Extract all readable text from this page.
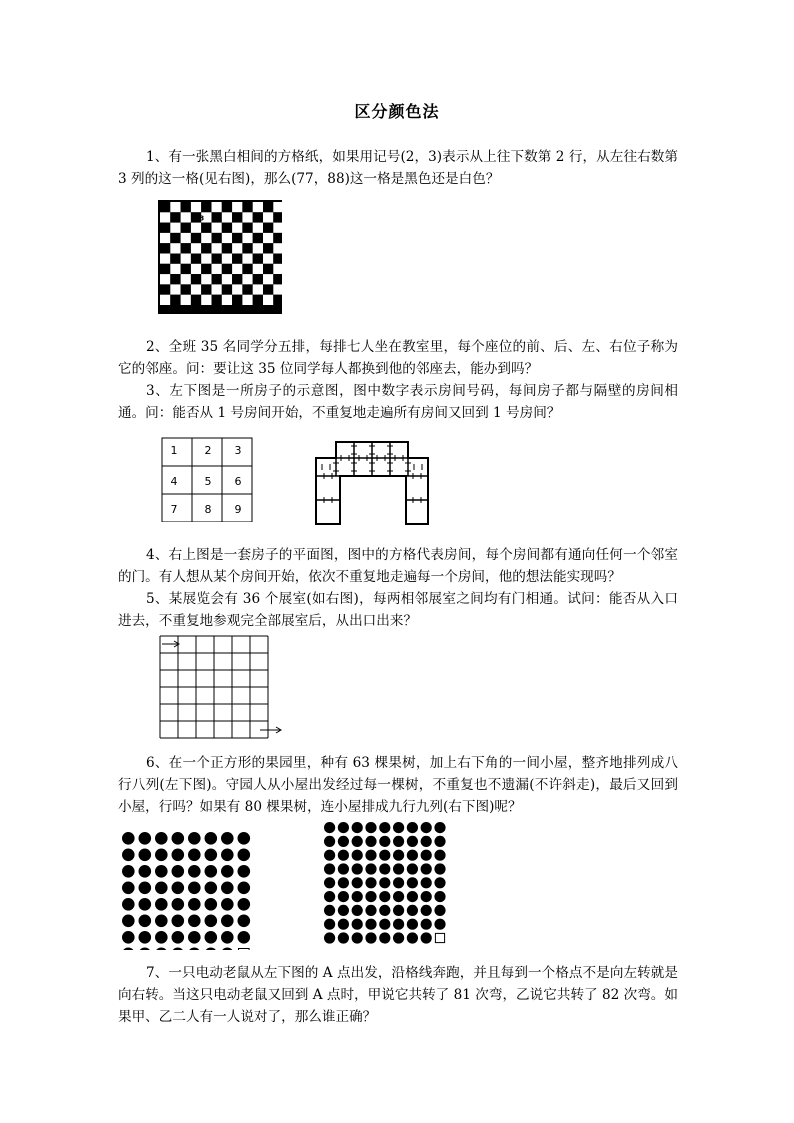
区分颜色法

1、有一张黑白相间的方格纸，如果用记号(2，3)表示从上往下数第 2 行，从左往右数第 3 列的这一格(见右图)，那么(77，88)这一格是黑色还是白色？

2,3

2、全班 35 名同学分五排，每排七人坐在教室里，每个座位的前、后、左、右位子称为它的邻座。问：要让这 35 位同学每人都换到他的邻座去，能办到吗？

3、左下图是一所房子的示意图，图中数字表示房间号码，每间房子都与隔壁的房间相通。问：能否从 1 号房间开始，不重复地走遍所有房间又回到 1 号房间？

1 2 3
4 5 6
7 8 9

4、右上图是一套房子的平面图，图中的方格代表房间，每个房间都有通向任何一个邻室的门。有人想从某个房间开始，依次不重复地走遍每一个房间，他的想法能实现吗？

5、某展览会有 36 个展室(如右图)，每两相邻展室之间均有门相通。试问：能否从入口进去，不重复地参观完全部展室后，从出口出来？

6、在一个正方形的果园里，种有 63 棵果树，加上右下角的一间小屋，整齐地排列成八行八列(左下图)。守园人从小屋出发经过每一棵树，不重复也不遗漏(不许斜走)，最后又回到小屋，行吗？如果有 80 棵果树，连小屋排成九行九列(右下图)呢？

7、一只电动老鼠从左下图的 A 点出发，沿格线奔跑，并且每到一个格点不是向左转就是向右转。当这只电动老鼠又回到 A 点时，甲说它共转了 81 次弯，乙说它共转了 82 次弯。如果甲、乙二人有一人说对了，那么谁正确？
